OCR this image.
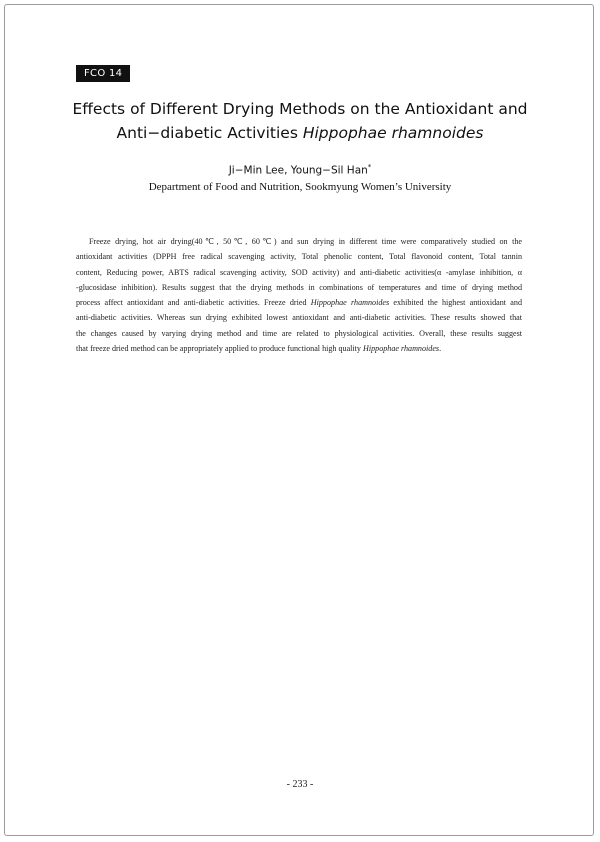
FCO 14
Effects of Different Drying Methods on the Antioxidant and
Anti−diabetic Activities Hippophae rhamnoides
Ji−Min Lee, Young−Sil Han*
Department of Food and Nutrition, Sookmyung Women’s University
Freeze drying, hot air drying(40℃, 50℃, 60℃) and sun drying in different time were comparatively studied on the
antioxidant activities (DPPH free radical scavenging activity, Total phenolic content, Total flavonoid content, Total tannin
content, Reducing power, ABTS radical scavenging activity, SOD activity) and anti-diabetic activities(α -amylase inhibition, α
-glucosidase inhibition). Results suggest that the drying methods in combinations of temperatures and time of drying method
process affect antioxidant and anti-diabetic activities. Freeze dried Hippophae rhamnoides exhibited the highest antioxidant and
anti-diabetic activities. Whereas sun drying exhibited lowest antioxidant and anti-diabetic activities. These results showed that
the changes caused by varying drying method and time are related to physiological activities. Overall, these results suggest
that freeze dried method can be appropriately applied to produce functional high quality Hippophae rhamnoides.
- 233 -
